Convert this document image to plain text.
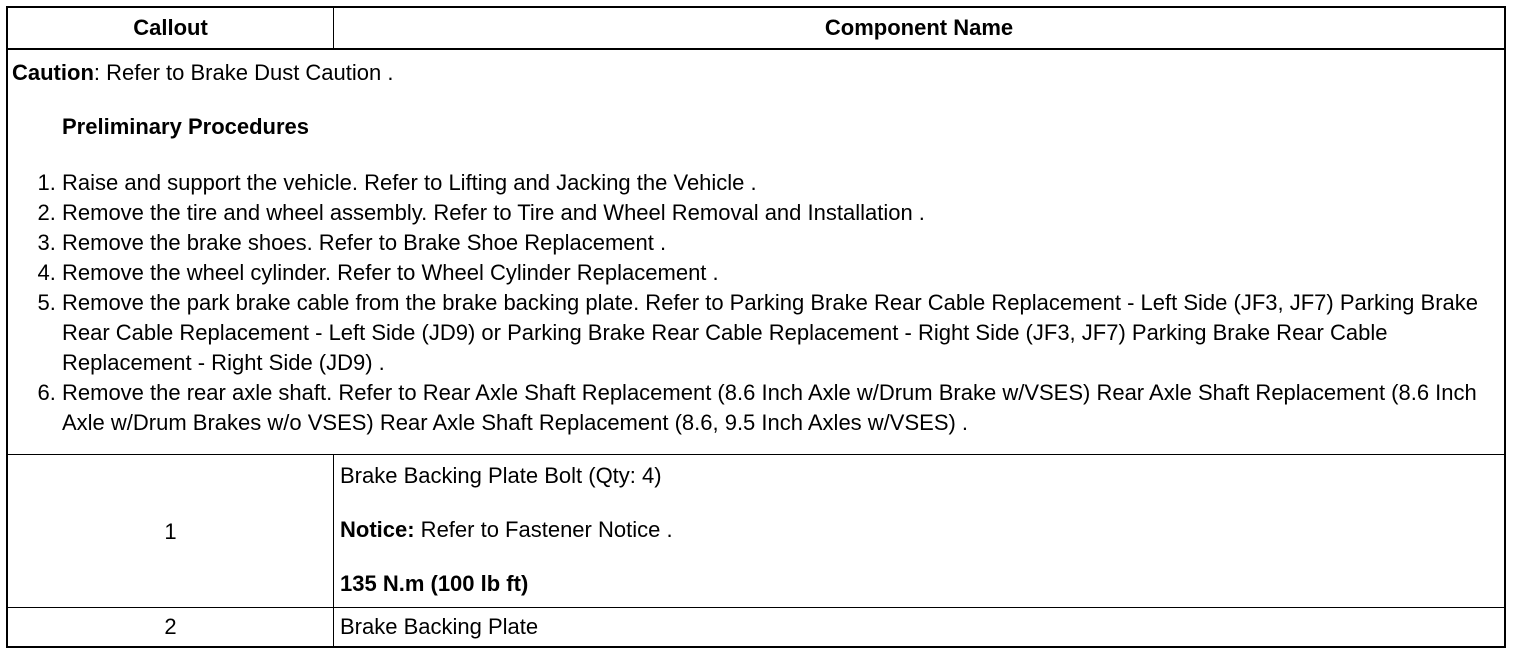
Callout	Component Name
Caution: Refer to Brake Dust Caution .
Preliminary Procedures
1. Raise and support the vehicle. Refer to Lifting and Jacking the Vehicle .
2. Remove the tire and wheel assembly. Refer to Tire and Wheel Removal and Installation .
3. Remove the brake shoes. Refer to Brake Shoe Replacement .
4. Remove the wheel cylinder. Refer to Wheel Cylinder Replacement .
5. Remove the park brake cable from the brake backing plate. Refer to Parking Brake Rear Cable Replacement - Left Side (JF3, JF7) Parking Brake Rear Cable Replacement - Left Side (JD9) or Parking Brake Rear Cable Replacement - Right Side (JF3, JF7) Parking Brake Rear Cable Replacement - Right Side (JD9) .
6. Remove the rear axle shaft. Refer to Rear Axle Shaft Replacement (8.6 Inch Axle w/Drum Brake w/VSES) Rear Axle Shaft Replacement (8.6 Inch Axle w/Drum Brakes w/o VSES) Rear Axle Shaft Replacement (8.6, 9.5 Inch Axles w/VSES) .
1
Brake Backing Plate Bolt (Qty: 4)
Notice: Refer to Fastener Notice .
135 N.m (100 lb ft)
2	Brake Backing Plate
